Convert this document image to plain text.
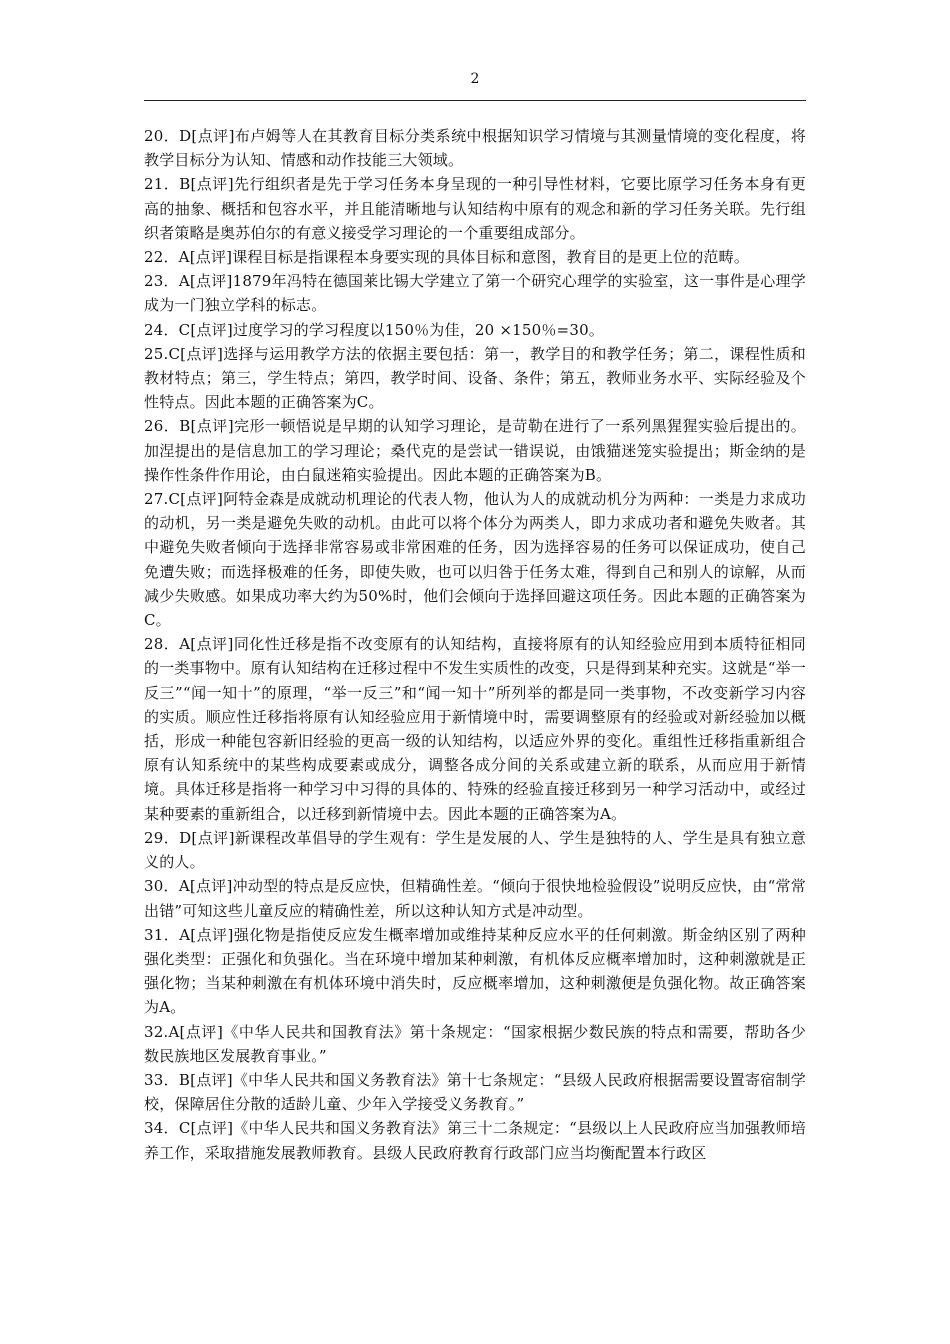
2

20．D[点评]布卢姆等人在其教育目标分类系统中根据知识学习情境与其测量情境的变化程度，将教学目标分为认知、情感和动作技能三大领域。

21．B[点评]先行组织者是先于学习任务本身呈现的一种引导性材料，它要比原学习任务本身有更高的抽象、概括和包容水平，并且能清晰地与认知结构中原有的观念和新的学习任务关联。先行组织者策略是奥苏伯尔的有意义接受学习理论的一个重要组成部分。

22．A[点评]课程目标是指课程本身要实现的具体目标和意图，教育目的是更上位的范畴。

23．A[点评]1879年冯特在德国莱比锡大学建立了第一个研究心理学的实验室，这一事件是心理学成为一门独立学科的标志。

24．C[点评]过度学习的学习程度以150％为佳，20 ×150％=30。

25.C[点评]选择与运用教学方法的依据主要包括：第一，教学目的和教学任务；第二，课程性质和教材特点；第三，学生特点；第四，教学时间、设备、条件；第五，教师业务水平、实际经验及个性特点。因此本题的正确答案为C。

26．B[点评]完形一顿悟说是早期的认知学习理论，是苛勒在进行了一系列黑猩猩实验后提出的。加涅提出的是信息加工的学习理论；桑代克的是尝试一错误说，由饿猫迷笼实验提出；斯金纳的是操作性条件作用论，由白鼠迷箱实验提出。因此本题的正确答案为B。

27.C[点评]阿特金森是成就动机理论的代表人物，他认为人的成就动机分为两种：一类是力求成功的动机，另一类是避免失败的动机。由此可以将个体分为两类人，即力求成功者和避免失败者。其中避免失败者倾向于选择非常容易或非常困难的任务，因为选择容易的任务可以保证成功，使自己免遭失败；而选择极难的任务，即使失败，也可以归咎于任务太难，得到自己和别人的谅解，从而减少失败感。如果成功率大约为50%时，他们会倾向于选择回避这项任务。因此本题的正确答案为C。

28．A[点评]同化性迁移是指不改变原有的认知结构，直接将原有的认知经验应用到本质特征相同的一类事物中。原有认知结构在迁移过程中不发生实质性的改变，只是得到某种充实。这就是“举一反三”“闻一知十”的原理，“举一反三”和“闻一知十”所列举的都是同一类事物，不改变新学习内容的实质。顺应性迁移指将原有认知经验应用于新情境中时，需要调整原有的经验或对新经验加以概括，形成一种能包容新旧经验的更高一级的认知结构，以适应外界的变化。重组性迁移指重新组合原有认知系统中的某些构成要素或成分，调整各成分间的关系或建立新的联系，从而应用于新情境。具体迁移是指将一种学习中习得的具体的、特殊的经验直接迁移到另一种学习活动中，或经过某种要素的重新组合，以迁移到新情境中去。因此本题的正确答案为A。

29．D[点评]新课程改革倡导的学生观有：学生是发展的人、学生是独特的人、学生是具有独立意义的人。

30．A[点评]冲动型的特点是反应快，但精确性差。“倾向于很快地检验假设”说明反应快，由“常常出错”可知这些儿童反应的精确性差，所以这种认知方式是冲动型。

31．A[点评]强化物是指使反应发生概率增加或维持某种反应水平的任何刺激。斯金纳区别了两种强化类型：正强化和负强化。当在环境中增加某种刺激，有机体反应概率增加时，这种刺激就是正强化物；当某种刺激在有机体环境中消失时，反应概率增加，这种刺激便是负强化物。故正确答案为A。

32.A[点评]《中华人民共和国教育法》第十条规定：“国家根据少数民族的特点和需要，帮助各少数民族地区发展教育事业。”

33．B[点评]《中华人民共和国义务教育法》第十七条规定：“县级人民政府根据需要设置寄宿制学校，保障居住分散的适龄儿童、少年入学接受义务教育。”

34．C[点评]《中华人民共和国义务教育法》第三十二条规定：“县级以上人民政府应当加强教师培养工作，采取措施发展教师教育。县级人民政府教育行政部门应当均衡配置本行政区
